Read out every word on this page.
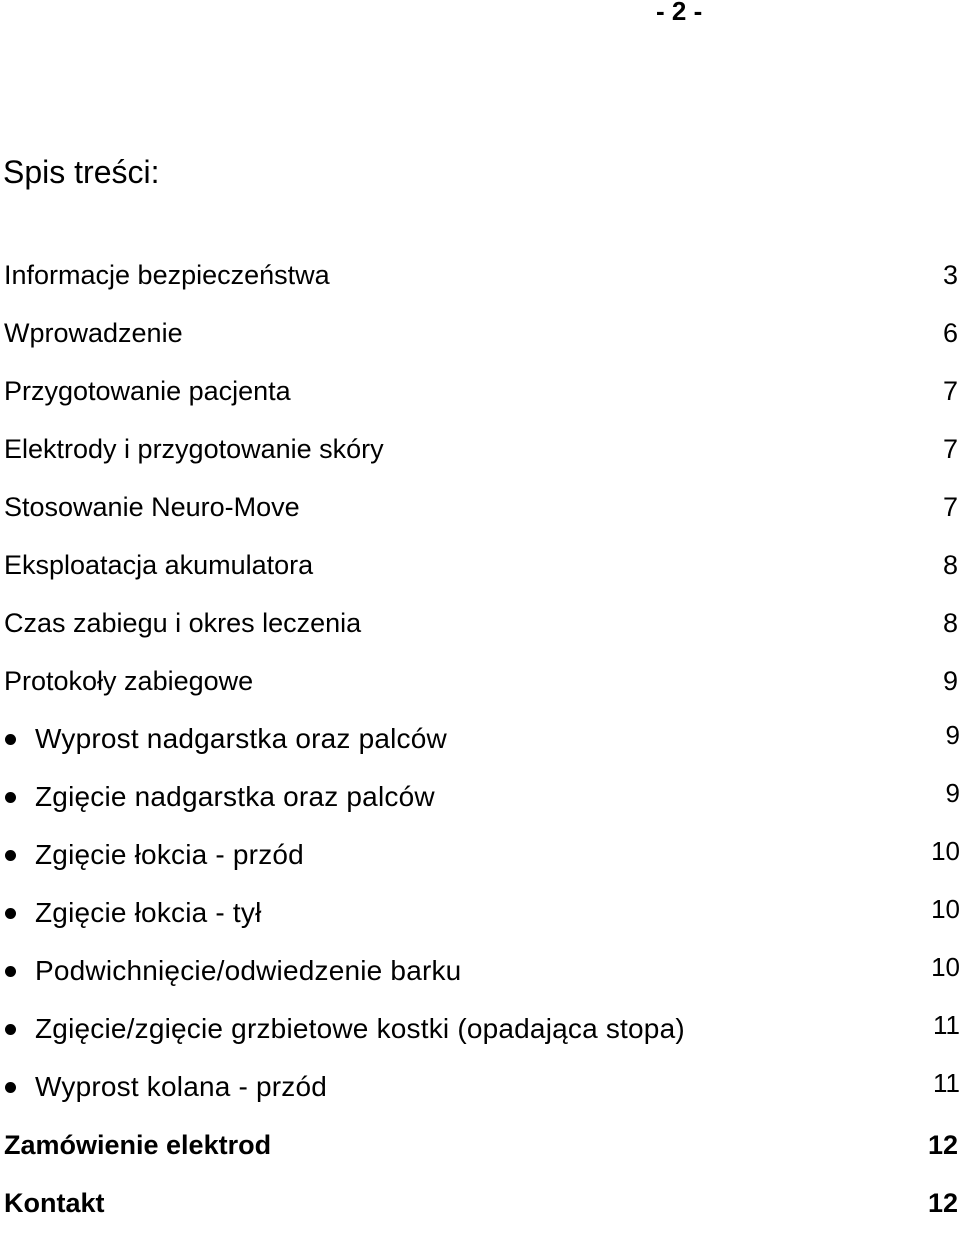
- 2 -
Spis treści:
Informacje bezpieczeństwa	3
Wprowadzenie	6
Przygotowanie pacjenta	7
Elektrody i przygotowanie skóry	7
Stosowanie Neuro-Move	7
Eksploatacja akumulatora	8
Czas zabiegu i okres leczenia	8
Protokoły zabiegowe	9
Wyprost nadgarstka oraz palców	9
Zgięcie nadgarstka oraz palców	9
Zgięcie łokcia - przód	10
Zgięcie łokcia - tył	10
Podwichnięcie/odwiedzenie barku	10
Zgięcie/zgięcie grzbietowe kostki (opadająca stopa)	11
Wyprost kolana - przód	11
Zamówienie elektrod	12
Kontakt	12
